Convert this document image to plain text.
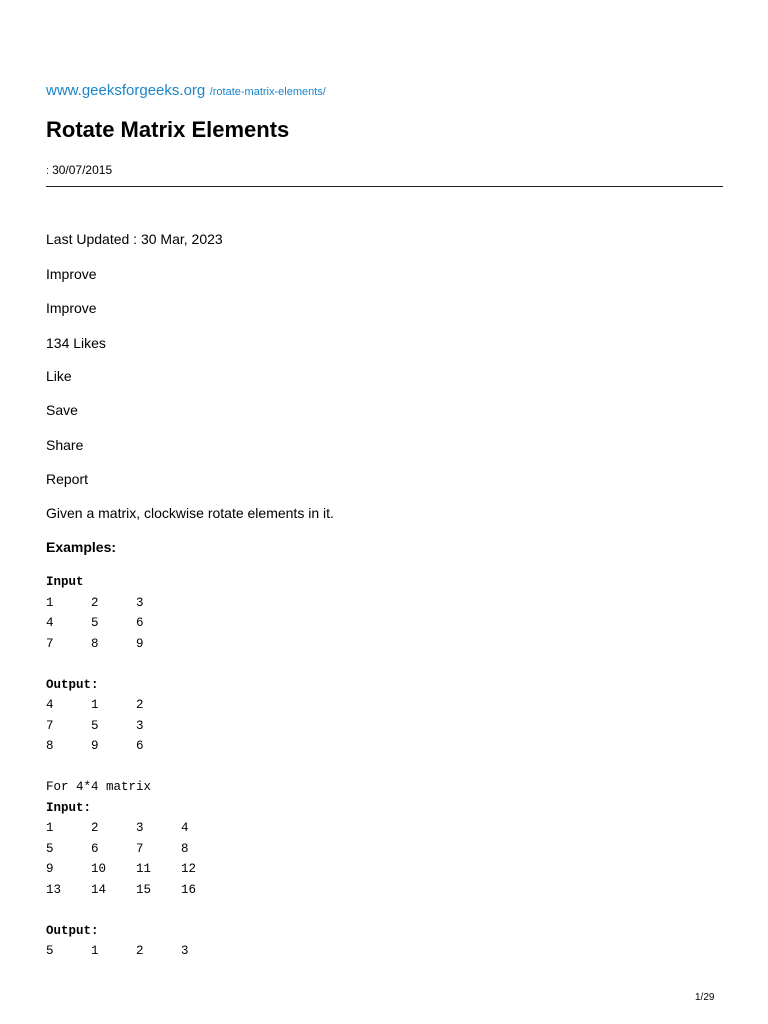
www.geeksforgeeks.org /rotate-matrix-elements/
Rotate Matrix Elements
: 30/07/2015
Last Updated : 30 Mar, 2023
Improve
Improve
134 Likes
Like
Save
Share
Report
Given a matrix, clockwise rotate elements in it.
Examples:
Input
1     2     3
4     5     6
7     8     9
Output:
4     1     2
7     5     3
8     9     6
For 4*4 matrix
Input:
1     2     3     4
5     6     7     8
9     10    11    12
13    14    15    16
Output:
5     1     2     3
1/29
